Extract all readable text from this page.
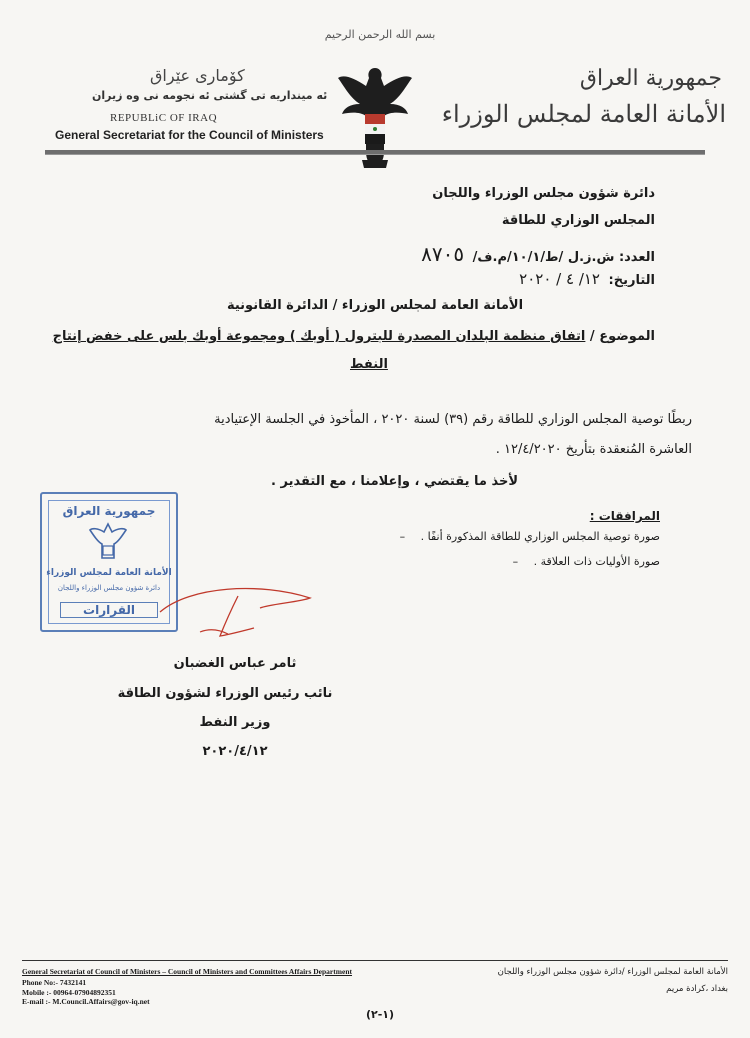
بسم الله الرحمن الرحيم
جمهورية العراق
الأمانة العامة لمجلس الوزراء
كۆماری عێراق
ئه مينداريه تى گشتى ئه نجومه نى وه زيران
REPUBLiC OF IRAQ
General Secretariat for the Council of Ministers
دائرة شؤون مجلس الوزراء واللجان
المجلس الوزاري للطاقة
العدد: ش.ز.ل /ط/١٠/١/م.ف/ ٨٧٠٥
التاريخ: ١٢/ ٤ / ٢٠٢٠
الأمانة العامة لمجلس الوزراء / الدائرة القانونية
الموضوع / اتفاق منظمة البلدان المصدرة للبترول ( أوبك ) ومجموعة أوبك بلس على خفض إنتاج
النفط
ربطًا توصية المجلس الوزاري للطاقة رقم (٣٩) لسنة ٢٠٢٠ ، المأخوذ في الجلسة الإعتيادية
العاشرة المُنعقدة بتأريخ ١٢/٤/٢٠٢٠ .
لأخذ ما يقتضي ، وإعلامنا ، مع التقدير .
المرافقات :
صورة توصية المجلس الوزاري للطاقة المذكورة أنفًا . –
صورة الأوليات ذات العلاقة . –
جمهورية العراق
الأمانة العامة لمجلس الوزراء
دائرة شؤون مجلس الوزراء واللجان
القرارات
ثامر عباس الغضبان
نائب رئيس الوزراء لشؤون الطاقة
وزير النفط
٢٠٢٠/٤/١٢
General Secretariat of Council of Ministers – Council of Ministers and Committees Affairs Department
Phone No:- 7432141
Mobile :- 00964-07904892351
E-mail :- M.Council.Affairs@gov-iq.net
الأمانة العامة لمجلس الوزراء /دائرة شؤون مجلس الوزراء واللجان
بغداد ،كرادة مريم
(١-٢)
